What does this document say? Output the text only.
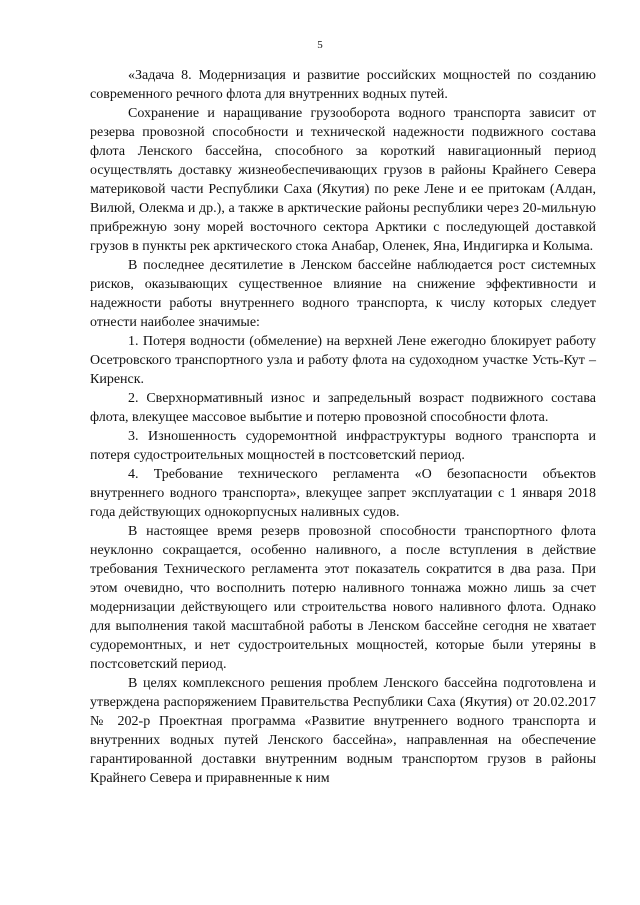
5

«Задача 8. Модернизация и развитие российских мощностей по созданию современного речного флота для внутренних водных путей.

Сохранение и наращивание грузооборота водного транспорта зависит от резерва провозной способности и технической надежности подвижного состава флота Ленского бассейна, способного за короткий навигационный период осуществлять доставку жизнеобеспечивающих грузов в районы Крайнего Севера материковой части Республики Саха (Якутия) по реке Лене и ее притокам (Алдан, Вилюй, Олекма и др.), а также в арктические районы республики через 20-мильную прибрежную зону морей восточного сектора Арктики с последующей доставкой грузов в пункты рек арктического стока Анабар, Оленек, Яна, Индигирка и Колыма.

В последнее десятилетие в Ленском бассейне наблюдается рост системных рисков, оказывающих существенное влияние на снижение эффективности и надежности работы внутреннего водного транспорта, к числу которых следует отнести наиболее значимые:

1. Потеря водности (обмеление) на верхней Лене ежегодно блокирует работу Осетровского транспортного узла и работу флота на судоходном участке Усть-Кут – Киренск.

2. Сверхнормативный износ и запредельный возраст подвижного состава флота, влекущее массовое выбытие и потерю провозной способности флота.

3. Изношенность судоремонтной инфраструктуры водного транспорта и потеря судостроительных мощностей в постсоветский период.

4. Требование технического регламента «О безопасности объектов внутреннего водного транспорта», влекущее запрет эксплуатации с 1 января 2018 года действующих однокорпусных наливных судов.

В настоящее время резерв провозной способности транспортного флота неуклонно сокращается, особенно наливного, а после вступления в действие требования Технического регламента этот показатель сократится в два раза. При этом очевидно, что восполнить потерю наливного тоннажа можно лишь за счет модернизации действующего или строительства нового наливного флота. Однако для выполнения такой масштабной работы в Ленском бассейне сегодня не хватает судоремонтных, и нет судостроительных мощностей, которые были утеряны в постсоветский период.

В целях комплексного решения проблем Ленского бассейна подготовлена и утверждена распоряжением Правительства Республики Саха (Якутия) от 20.02.2017 № 202-р Проектная программа «Развитие внутреннего водного транспорта и внутренних водных путей Ленского бассейна», направленная на обеспечение гарантированной доставки внутренним водным транспортом грузов в районы Крайнего Севера и приравненные к ним
